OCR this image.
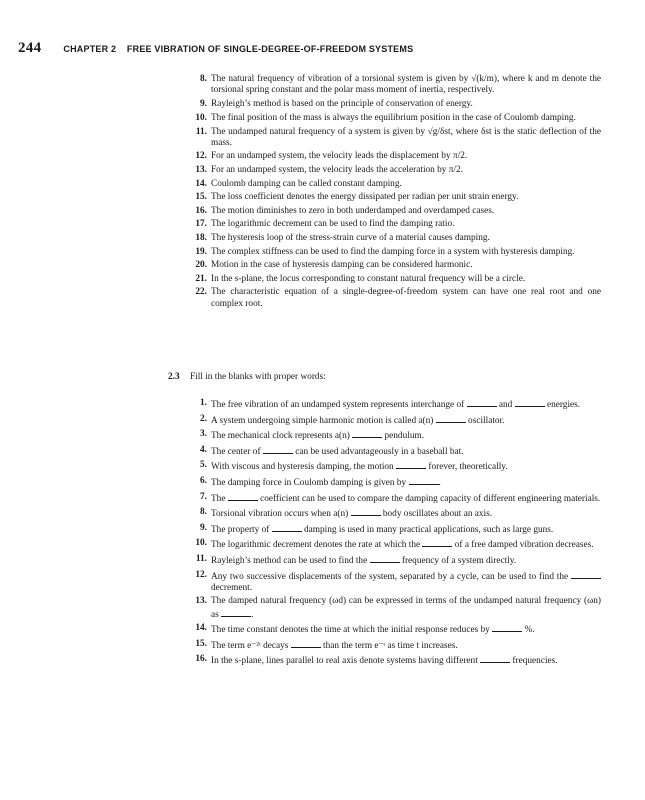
244 CHAPTER 2 FREE VIBRATION OF SINGLE-DEGREE-OF-FREEDOM SYSTEMS
8. The natural frequency of vibration of a torsional system is given by √(k/m), where k and m denote the torsional spring constant and the polar mass moment of inertia, respectively.
9. Rayleigh’s method is based on the principle of conservation of energy.
10. The final position of the mass is always the equilibrium position in the case of Coulomb damping.
11. The undamped natural frequency of a system is given by √g/δst, where δst is the static deflection of the mass.
12. For an undamped system, the velocity leads the displacement by π/2.
13. For an undamped system, the velocity leads the acceleration by π/2.
14. Coulomb damping can be called constant damping.
15. The loss coefficient denotes the energy dissipated per radian per unit strain energy.
16. The motion diminishes to zero in both underdamped and overdamped cases.
17. The logarithmic decrement can be used to find the damping ratio.
18. The hysteresis loop of the stress-strain curve of a material causes damping.
19. The complex stiffness can be used to find the damping force in a system with hysteresis damping.
20. Motion in the case of hysteresis damping can be considered harmonic.
21. In the s-plane, the locus corresponding to constant natural frequency will be a circle.
22. The characteristic equation of a single-degree-of-freedom system can have one real root and one complex root.
2.3 Fill in the blanks with proper words:
1. The free vibration of an undamped system represents interchange of	and	energies.
2. A system undergoing simple harmonic motion is called a(n)	oscillator.
3. The mechanical clock represents a(n)	pendulum.
4. The center of	can be used advantageously in a baseball bat.
5. With viscous and hysteresis damping, the motion	forever, theoretically.
6. The damping force in Coulomb damping is given by	.
7. The	coefficient can be used to compare the damping capacity of different engineering materials.
8. Torsional vibration occurs when a(n)	body oscillates about an axis.
9. The property of	damping is used in many practical applications, such as large guns.
10. The logarithmic decrement denotes the rate at which the	of a free damped vibration decreases.
11. Rayleigh’s method can be used to find the	frequency of a system directly.
12. Any two successive displacements of the system, separated by a cycle, can be used to find the  decrement.
13. The damped natural frequency (ωd) can be expressed in terms of the undamped natural frequency (ωn) as	.
14. The time constant denotes the time at which the initial response reduces by	%.
15. The term e⁻²ᵗ decays	than the term e⁻ᵗ as time t increases.
16. In the s-plane, lines parallel to real axis denote systems having different	frequencies.
